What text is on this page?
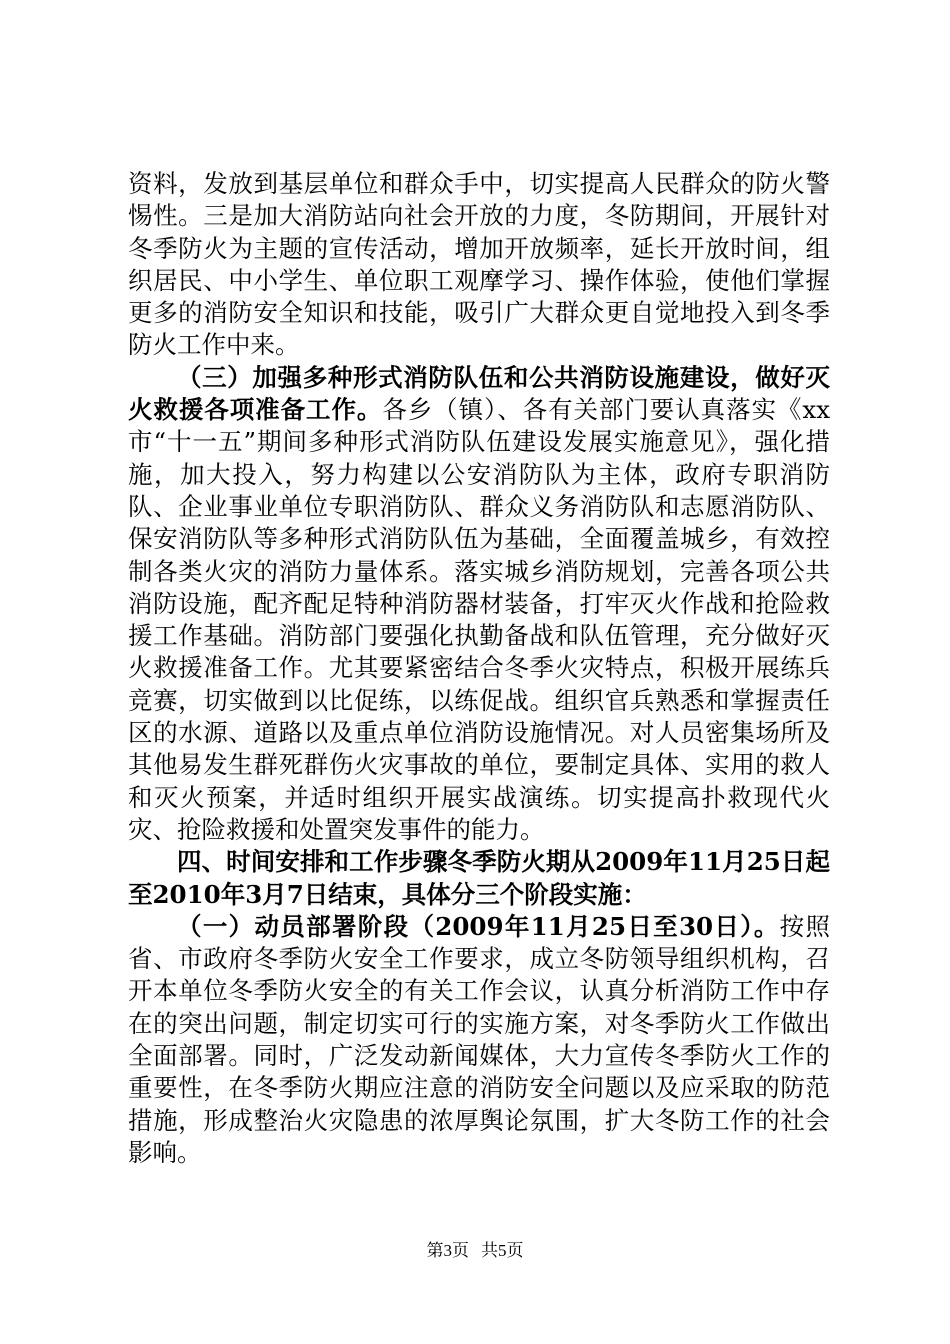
资料，发放到基层单位和群众手中，切实提高人民群众的防火警惕性。三是加大消防站向社会开放的力度，冬防期间，开展针对冬季防火为主题的宣传活动，增加开放频率，延长开放时间，组织居民、中小学生、单位职工观摩学习、操作体验，使他们掌握更多的消防安全知识和技能，吸引广大群众更自觉地投入到冬季防火工作中来。

（三）加强多种形式消防队伍和公共消防设施建设，做好灭火救援各项准备工作。各乡（镇）、各有关部门要认真落实《xx市“十一五”期间多种形式消防队伍建设发展实施意见》，强化措施，加大投入，努力构建以公安消防队为主体，政府专职消防队、企业事业单位专职消防队、群众义务消防队和志愿消防队、保安消防队等多种形式消防队伍为基础，全面覆盖城乡，有效控制各类火灾的消防力量体系。落实城乡消防规划，完善各项公共消防设施，配齐配足特种消防器材装备，打牢灭火作战和抢险救援工作基础。消防部门要强化执勤备战和队伍管理，充分做好灭火救援准备工作。尤其要紧密结合冬季火灾特点，积极开展练兵竞赛，切实做到以比促练，以练促战。组织官兵熟悉和掌握责任区的水源、道路以及重点单位消防设施情况。对人员密集场所及其他易发生群死群伤火灾事故的单位，要制定具体、实用的救人和灭火预案，并适时组织开展实战演练。切实提高扑救现代火灾、抢险救援和处置突发事件的能力。

四、时间安排和工作步骤冬季防火期从2009年11月25日起至2010年3月7日结束，具体分三个阶段实施：

（一）动员部署阶段（2009年11月25日至30日）。按照省、市政府冬季防火安全工作要求，成立冬防领导组织机构，召开本单位冬季防火安全的有关工作会议，认真分析消防工作中存在的突出问题，制定切实可行的实施方案，对冬季防火工作做出全面部署。同时，广泛发动新闻媒体，大力宣传冬季防火工作的重要性，在冬季防火期应注意的消防安全问题以及应采取的防范措施，形成整治火灾隐患的浓厚舆论氛围，扩大冬防工作的社会影响。

第3页 共5页
